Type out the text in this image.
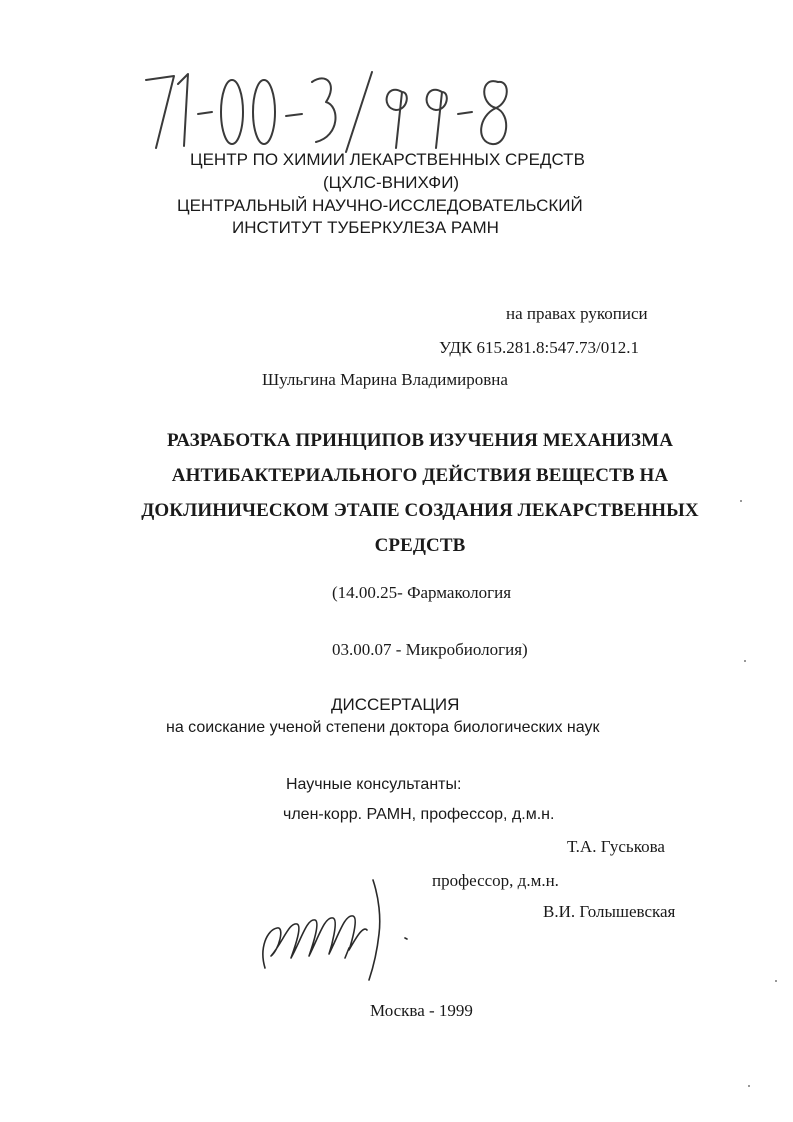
ЦЕНТР ПО ХИМИИ ЛЕКАРСТВЕННЫХ СРЕДСТВ
(ЦХЛС-ВНИХФИ)
ЦЕНТРАЛЬНЫЙ НАУЧНО-ИССЛЕДОВАТЕЛЬСКИЙ
ИНСТИТУТ ТУБЕРКУЛЕЗА РАМН
на правах рукописи
УДК 615.281.8:547.73/012.1
Шульгина Марина Владимировна
РАЗРАБОТКА ПРИНЦИПОВ ИЗУЧЕНИЯ МЕХАНИЗМА
АНТИБАКТЕРИАЛЬНОГО ДЕЙСТВИЯ ВЕЩЕСТВ НА
ДОКЛИНИЧЕСКОМ ЭТАПЕ СОЗДАНИЯ ЛЕКАРСТВЕННЫХ
СРЕДСТВ
(14.00.25- Фармакология
03.00.07 - Микробиология)
ДИССЕРТАЦИЯ
на соискание ученой степени доктора биологических наук
Научные консультанты:
член-корр. РАМН, профессор, д.м.н.
Т.А. Гуськова
профессор, д.м.н.
В.И. Голышевская
Москва - 1999
